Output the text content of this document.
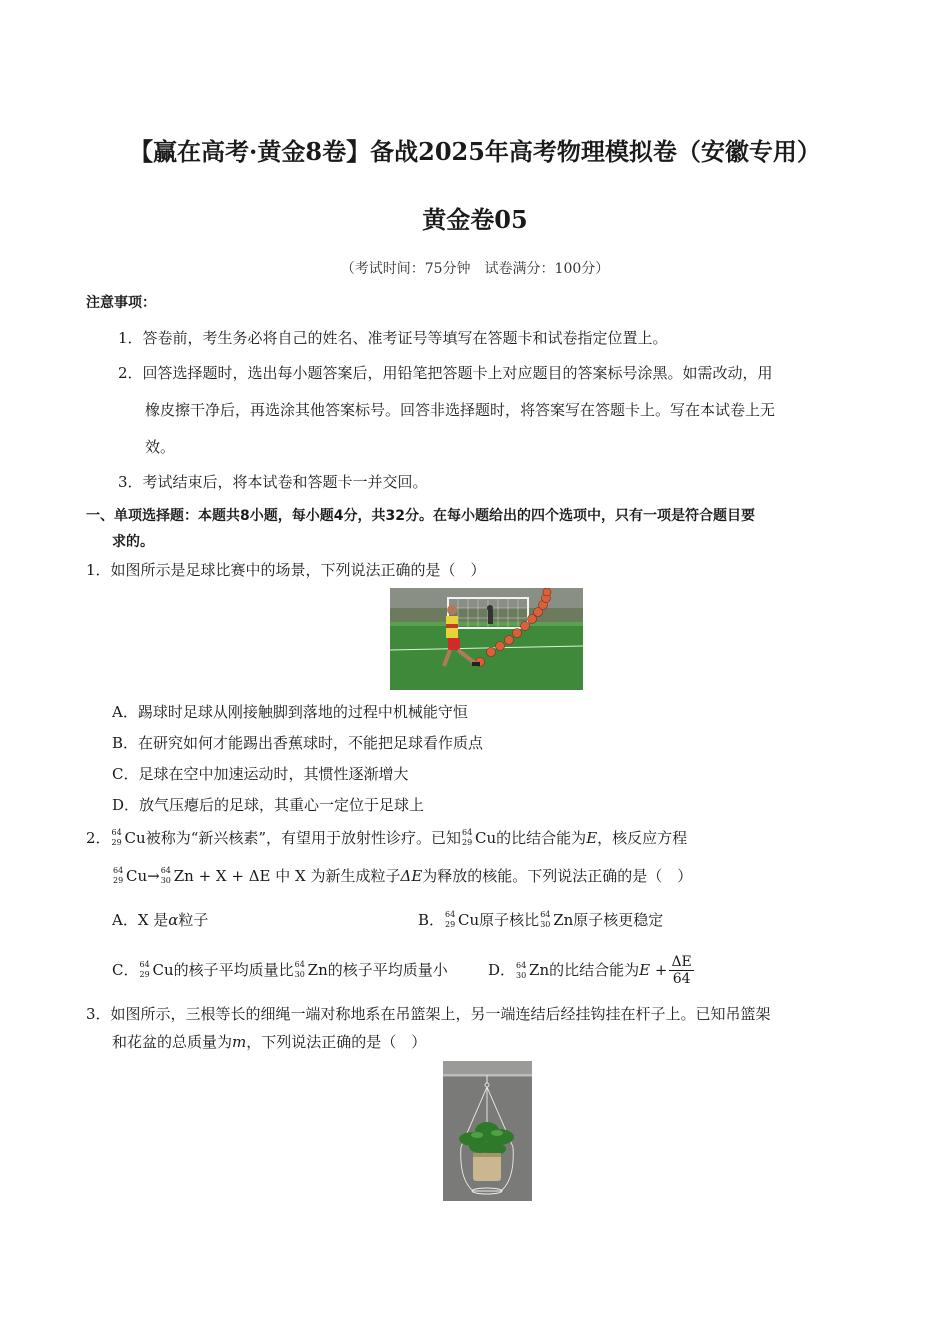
【赢在高考·黄金8卷】备战2025年高考物理模拟卷（安徽专用）
黄金卷05
（考试时间：75分钟　试卷满分：100分）
注意事项：
1．答卷前，考生务必将自己的姓名、准考证号等填写在答题卡和试卷指定位置上。
2．回答选择题时，选出每小题答案后，用铅笔把答题卡上对应题目的答案标号涂黑。如需改动，用
橡皮擦干净后，再选涂其他答案标号。回答非选择题时，将答案写在答题卡上。写在本试卷上无
效。
3．考试结束后，将本试卷和答题卡一并交回。
一、单项选择题：本题共8小题，每小题4分，共32分。在每小题给出的四个选项中，只有一项是符合题目要
求的。
1．如图所示是足球比赛中的场景，下列说法正确的是（　）
A．踢球时足球从刚接触脚到落地的过程中机械能守恒
B．在研究如何才能踢出香蕉球时，不能把足球看作质点
C．足球在空中加速运动时，其惯性逐渐增大
D．放气压瘪后的足球，其重心一定位于足球上
2． 64
29 Cu被称为“新兴核素”，有望用于放射性诊疗。已知 64
29 Cu的比结合能为E，核反应方程
64
29 Cu→ 64
30 Zn + X + ΔE 中 X 为新生成粒子ΔE为释放的核能。下列说法正确的是（　）
A．X 是α粒子	B． 64
29 Cu原子核比 64
30 Zn原子核更稳定
C． 64
29 Cu的核子平均质量比 64
30 Zn的核子平均质量小	D． 64
30 Zn的比结合能为$E + \frac{\Delta E}{64}$
3．如图所示，三根等长的细绳一端对称地系在吊篮架上，另一端连结后经挂钩挂在杆子上。已知吊篮架
和花盆的总质量为m，下列说法正确的是（　）
